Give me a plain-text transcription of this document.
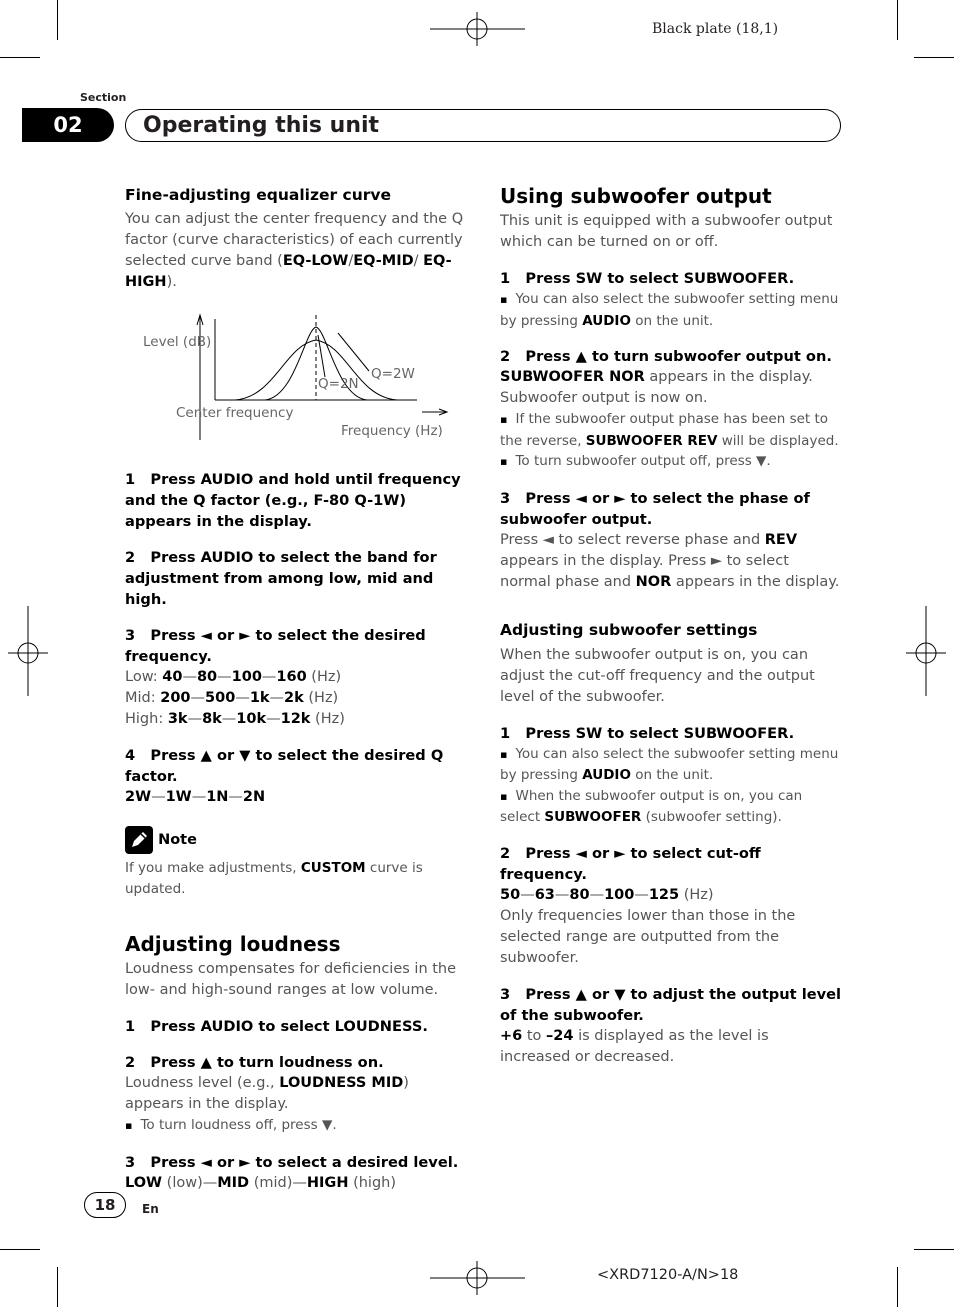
Black plate (18,1)
Section
02	Operating this unit
Fine-adjusting equalizer curve

You can adjust the center frequency and the Q factor (curve characteristics) of each currently selected curve band (EQ-LOW/EQ-MID/ EQ-HIGH).

Level (dB)
Q=2N
Q=2W
Center frequency
Frequency (Hz)
1   Press AUDIO and hold until frequency and the Q factor (e.g., F-80 Q-1W) appears in the display.
2   Press AUDIO to select the band for adjustment from among low, mid and high.
3   Press ◄ or ► to select the desired frequency.

Low: 40—80—100—160 (Hz)

Mid: 200—500—1k—2k (Hz)

High: 3k—8k—10k—12k (Hz)

4   Press ▲ or ▼ to select the desired Q factor.

2W—1W—1N—2N

Note
If you make adjustments, CUSTOM curve is updated.
Adjusting loudness

Loudness compensates for deficiencies in the low- and high-sound ranges at low volume.

1   Press AUDIO to select LOUDNESS.
2   Press ▲ to turn loudness on.

Loudness level (e.g., LOUDNESS MID) appears in the display.

▪ To turn loudness off, press ▼.
3   Press ◄ or ► to select a desired level.

LOW (low)—MID (mid)—HIGH (high)

Using subwoofer output

This unit is equipped with a subwoofer output which can be turned on or off.

1   Press SW to select SUBWOOFER.
▪ You can also select the subwoofer setting menu by pressing AUDIO on the unit.
2   Press ▲ to turn subwoofer output on.

SUBWOOFER NOR appears in the display. Subwoofer output is now on.

▪ If the subwoofer output phase has been set to the reverse, SUBWOOFER REV will be displayed.
▪ To turn subwoofer output off, press ▼.
3   Press ◄ or ► to select the phase of subwoofer output.

Press ◄ to select reverse phase and REV appears in the display. Press ► to select normal phase and NOR appears in the display.

Adjusting subwoofer settings

When the subwoofer output is on, you can adjust the cut-off frequency and the output level of the subwoofer.

1   Press SW to select SUBWOOFER.
▪ You can also select the subwoofer setting menu by pressing AUDIO on the unit.
▪ When the subwoofer output is on, you can select SUBWOOFER (subwoofer setting).
2   Press ◄ or ► to select cut-off frequency.

50—63—80—100—125 (Hz)

Only frequencies lower than those in the selected range are outputted from the subwoofer.

3   Press ▲ or ▼ to adjust the output level of the subwoofer.

+6 to –24 is displayed as the level is increased or decreased.

18	En
<XRD7120-A/N>18
